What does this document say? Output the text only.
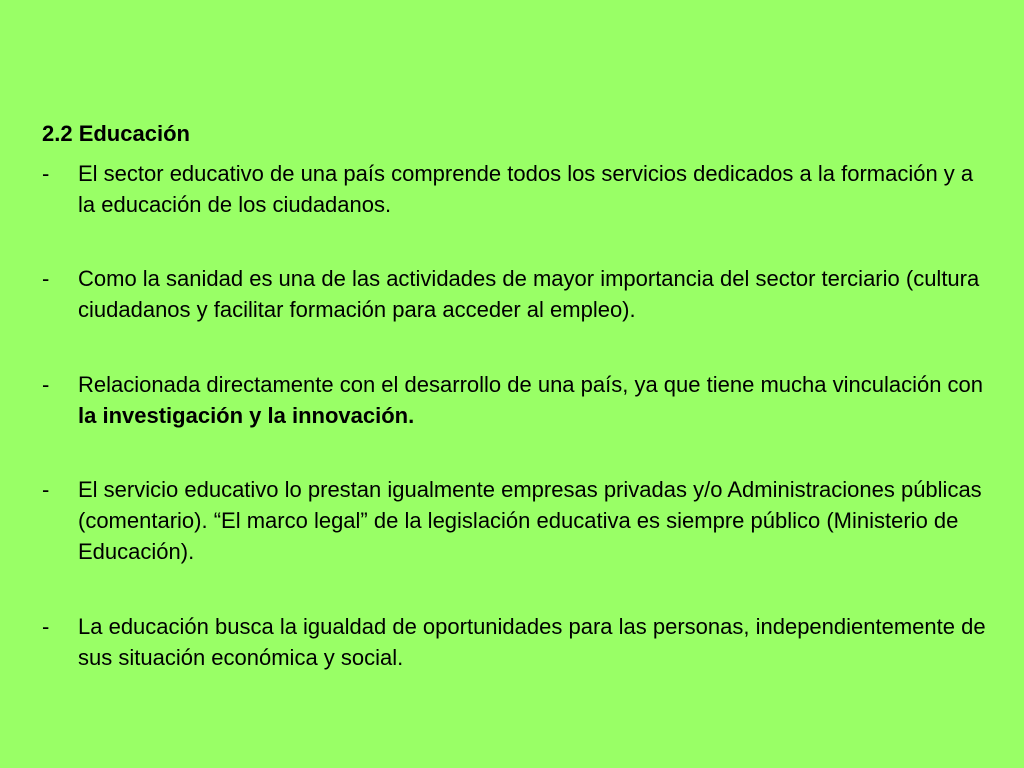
2.2 Educación
- El sector educativo de una país comprende todos los servicios dedicados a la formación y a la educación de los ciudadanos.
- Como la sanidad es una de las actividades de mayor importancia del sector terciario (cultura ciudadanos y facilitar formación para acceder al empleo).
- Relacionada directamente con el desarrollo de una país, ya que tiene mucha vinculación con la investigación y la innovación.
- El servicio educativo lo prestan igualmente empresas privadas y/o Administraciones públicas (comentario). “El marco legal” de la legislación educativa es siempre público (Ministerio de Educación).
- La educación busca la igualdad de oportunidades para las personas, independientemente de sus situación económica y social.
